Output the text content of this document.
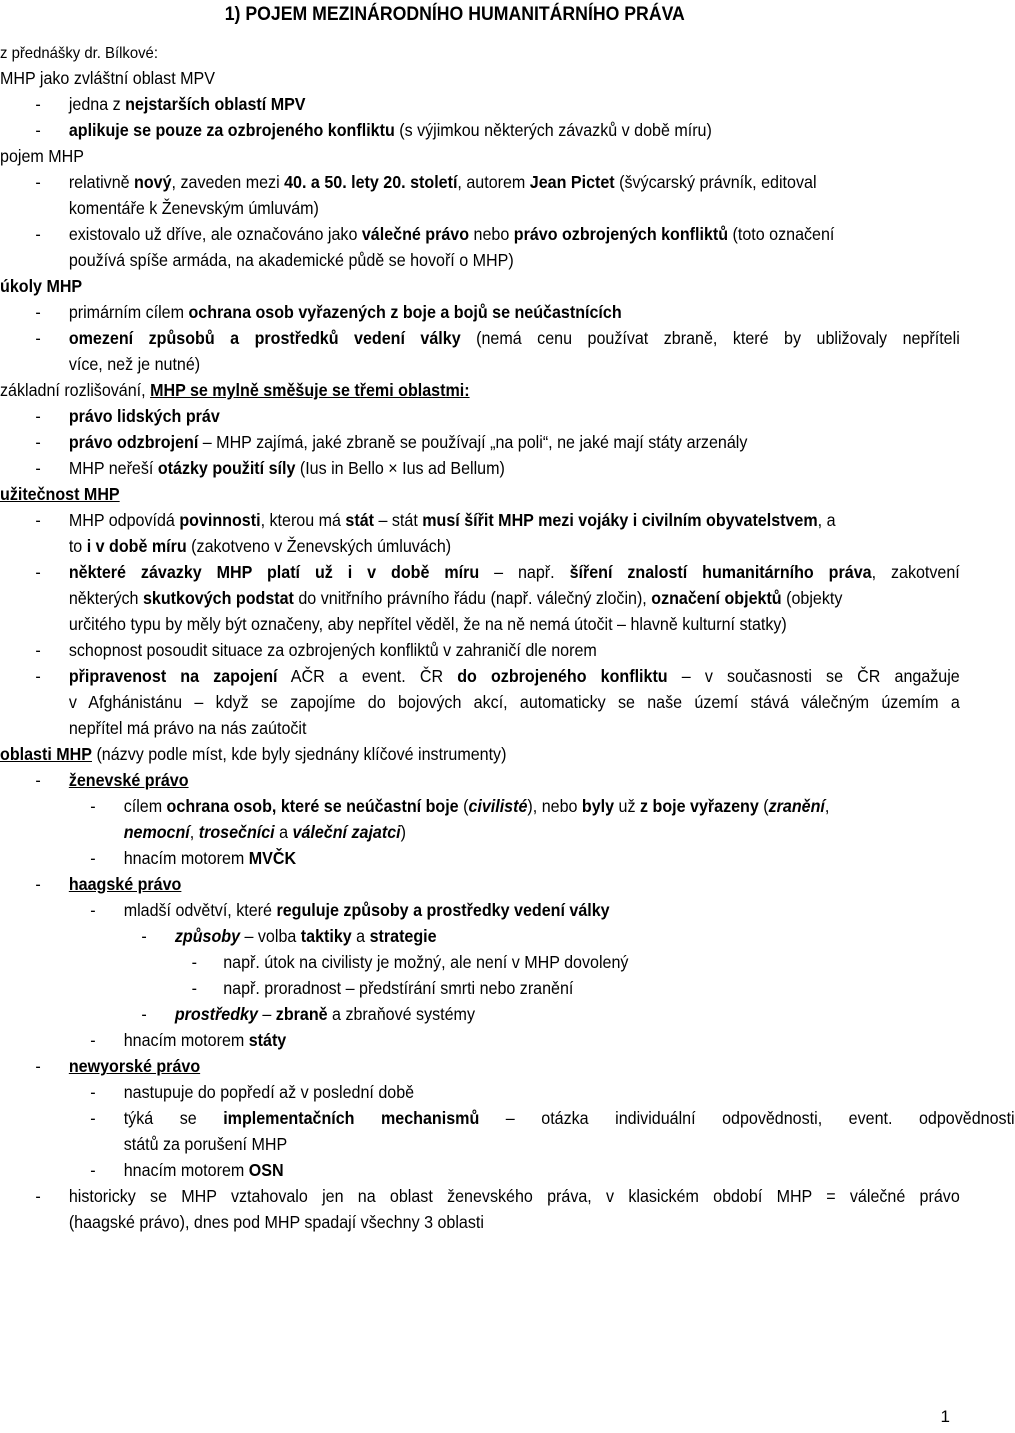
1) POJEM MEZINÁRODNÍHO HUMANITÁRNÍHO PRÁVA
z přednášky dr. Bílkové:
MHP jako zvláštní oblast MPV
- jedna z nejstarších oblastí MPV
- aplikuje se pouze za ozbrojeného konfliktu (s výjimkou některých závazků v době míru)
pojem MHP
- relativně nový, zaveden mezi 40. a 50. lety 20. století, autorem Jean Pictet (švýcarský právník, editoval
komentáře k Ženevským úmluvám)
- existovalo už dříve, ale označováno jako válečné právo nebo právo ozbrojených konfliktů (toto označení
používá spíše armáda, na akademické půdě se hovoří o MHP)
úkoly MHP
- primárním cílem ochrana osob vyřazených z boje a bojů se neúčastnících
- omezení způsobů a prostředků vedení války (nemá cenu používat zbraně, které by ubližovaly nepříteli
více, než je nutné)
základní rozlišování, MHP se mylně směšuje se třemi oblastmi:
- právo lidských práv
- právo odzbrojení – MHP zajímá, jaké zbraně se používají „na poli“, ne jaké mají státy arzenály
- MHP neřeší otázky použití síly (Ius in Bello × Ius ad Bellum)
užitečnost MHP
- MHP odpovídá povinnosti, kterou má stát – stát musí šířit MHP mezi vojáky i civilním obyvatelstvem, a
to i v době míru (zakotveno v Ženevských úmluvách)
- některé závazky MHP platí už i v době míru – např. šíření znalostí humanitárního práva, zakotvení
některých skutkových podstat do vnitřního právního řádu (např. válečný zločin), označení objektů (objekty
určitého typu by měly být označeny, aby nepřítel věděl, že na ně nemá útočit – hlavně kulturní statky)
- schopnost posoudit situace za ozbrojených konfliktů v zahraničí dle norem
- připravenost na zapojení AČR a event. ČR do ozbrojeného konfliktu – v současnosti se ČR angažuje
v Afghánistánu – když se zapojíme do bojových akcí, automaticky se naše území stává válečným územím a
nepřítel má právo na nás zaútočit
oblasti MHP (názvy podle míst, kde byly sjednány klíčové instrumenty)
- ženevské právo
- cílem ochrana osob, které se neúčastní boje (civilisté), nebo byly už z boje vyřazeny (zranění,
nemocní, trosečníci a váleční zajatci)
- hnacím motorem MVČK
- haagské právo
- mladší odvětví, které reguluje způsoby a prostředky vedení války
- způsoby – volba taktiky a strategie
- např. útok na civilisty je možný, ale není v MHP dovolený
- např. proradnost – předstírání smrti nebo zranění
- prostředky – zbraně a zbraňové systémy
- hnacím motorem státy
- newyorské právo
- nastupuje do popředí až v poslední době
- týká se implementačních mechanismů – otázka individuální odpovědnosti, event. odpovědnosti
států za porušení MHP
- hnacím motorem OSN
- historicky se MHP vztahovalo jen na oblast ženevského práva, v klasickém období MHP = válečné právo
(haagské právo), dnes pod MHP spadají všechny 3 oblasti
1
